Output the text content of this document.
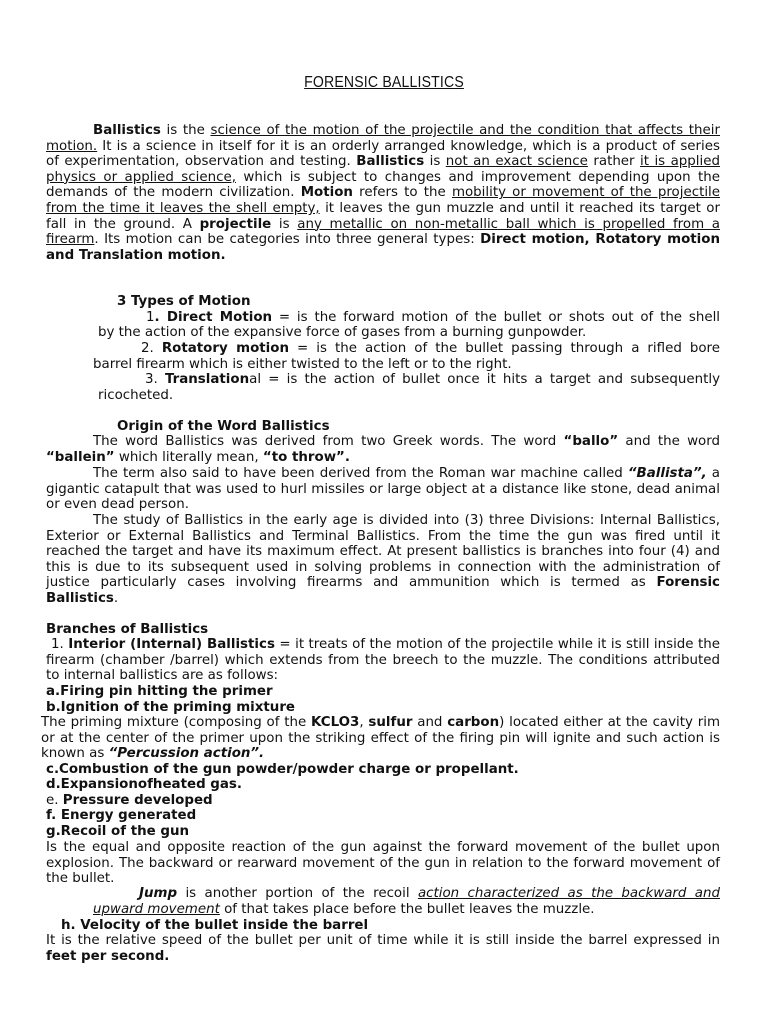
FORENSIC BALLISTICS
Ballistics is the science of the motion of the projectile and the condition that affects their motion. It is a science in itself for it is an orderly arranged knowledge, which is a product of series of experimentation, observation and testing. Ballistics is not an exact science rather it is applied physics or applied science, which is subject to changes and improvement depending upon the demands of the modern civilization. Motion refers to the mobility or movement of the projectile from the time it leaves the shell empty, it leaves the gun muzzle and until it reached its target or fall in the ground. A projectile is any metallic on non-metallic ball which is propelled from a firearm. Its motion can be categories into three general types: Direct motion, Rotatory motion and Translation motion.
3 Types of Motion
1. Direct Motion = is the forward motion of the bullet or shots out of the shell
by the action of the expansive force of gases from a burning gunpowder.
2. Rotatory motion = is the action of the bullet passing through a rifled bore
barrel firearm which is either twisted to the left or to the right.
3. Translational = is the action of bullet once it hits a target and subsequently
ricocheted.
Origin of the Word Ballistics
The word Ballistics was derived from two Greek words. The word “ballo” and the word “ballein” which literally mean, “to throw”.
The term also said to have been derived from the Roman war machine called “Ballista”, a gigantic catapult that was used to hurl missiles or large object at a distance like stone, dead animal or even dead person.
The study of Ballistics in the early age is divided into (3) three Divisions: Internal Ballistics, Exterior or External Ballistics and Terminal Ballistics. From the time the gun was fired until it reached the target and have its maximum effect. At present ballistics is branches into four (4) and this is due to its subsequent used in solving problems in connection with the administration of justice particularly cases involving firearms and ammunition which is termed as Forensic Ballistics.
Branches of Ballistics
1. Interior (Internal) Ballistics = it treats of the motion of the projectile while it is still inside the firearm (chamber /barrel) which extends from the breech to the muzzle. The conditions attributed to internal ballistics are as follows:
a.Firing pin hitting the primer
b.Ignition of the priming mixture
The priming mixture (composing of the KCLO3, sulfur and carbon) located either at the cavity rim or at the center of the primer upon the striking effect of the firing pin will ignite and such action is known as “Percussion action”.
c.Combustion of the gun powder/powder charge or propellant.
d.Expansionofheated gas.
e. Pressure developed
f. Energy generated
g.Recoil of the gun
Is the equal and opposite reaction of the gun against the forward movement of the bullet upon explosion. The backward or rearward movement of the gun in relation to the forward movement of the bullet.
Jump is another portion of the recoil action characterized as the backward and
upward movement of that takes place before the bullet leaves the muzzle.
h. Velocity of the bullet inside the barrel
It is the relative speed of the bullet per unit of time while it is still inside the barrel expressed in feet per second.
